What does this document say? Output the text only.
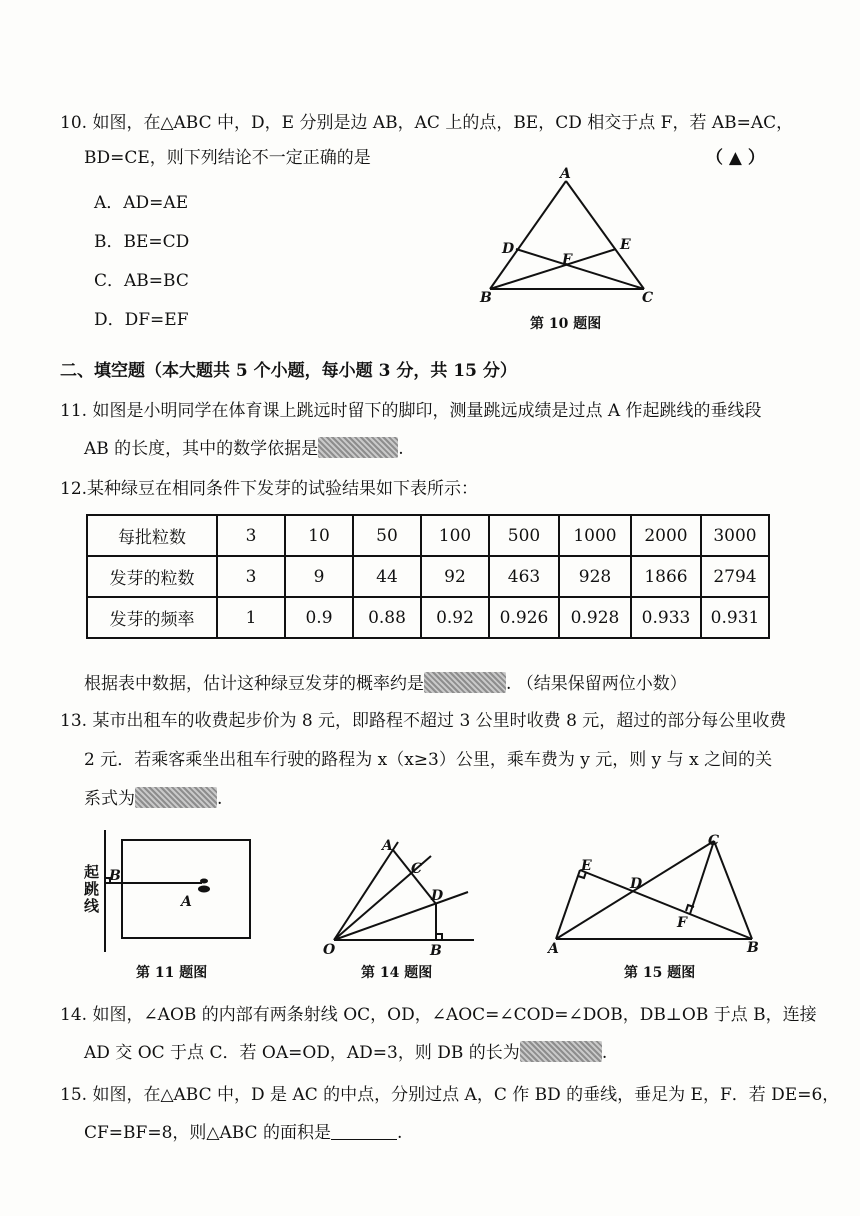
10. 如图，在△ABC 中，D，E 分别是边 AB，AC 上的点，BE，CD 相交于点 F，若 AB=AC，
BD=CE，则下列结论不一定正确的是	（ ▲ ）
A．AD=AE
B．BE=CD
C．AB=BC
D．DF=EF
A
B	C
D	E
F
第 10 题图
二、填空题（本大题共 5 个小题，每小题 3 分，共 15 分）
11. 如图是小明同学在体育课上跳远时留下的脚印，测量跳远成绩是过点 A 作起跳线的垂线段
AB 的长度，其中的数学依据是	.
12.某种绿豆在相同条件下发芽的试验结果如下表所示：
每批粒数	3	10	50	100	500	1000	2000	3000
发芽的粒数	3	9	44	92	463	928	1866	2794
发芽的频率	1	0.9	0.88	0.92	0.926	0.928	0.933	0.931
根据表中数据，估计这种绿豆发芽的概率约是	. （结果保留两位小数）
13. 某市出租车的收费起步价为 8 元，即路程不超过 3 公里时收费 8 元，超过的部分每公里收费
2 元．若乘客乘坐出租车行驶的路程为 x（x≥3）公里，乘车费为 y 元，则 y 与 x 之间的关
系式为	.
B
A
起跳线
第 11 题图
A
C
D
O	B
第 14 题图
E
D
C
F
A	B
第 15 题图
14. 如图，∠AOB 的内部有两条射线 OC，OD，∠AOC=∠COD=∠DOB，DB⊥OB 于点 B，连接
AD 交 OC 于点 C．若 OA=OD，AD=3，则 DB 的长为	.
15. 如图，在△ABC 中，D 是 AC 的中点，分别过点 A，C 作 BD 的垂线，垂足为 E，F．若 DE=6，
CF=BF=8，则△ABC 的面积是	.
